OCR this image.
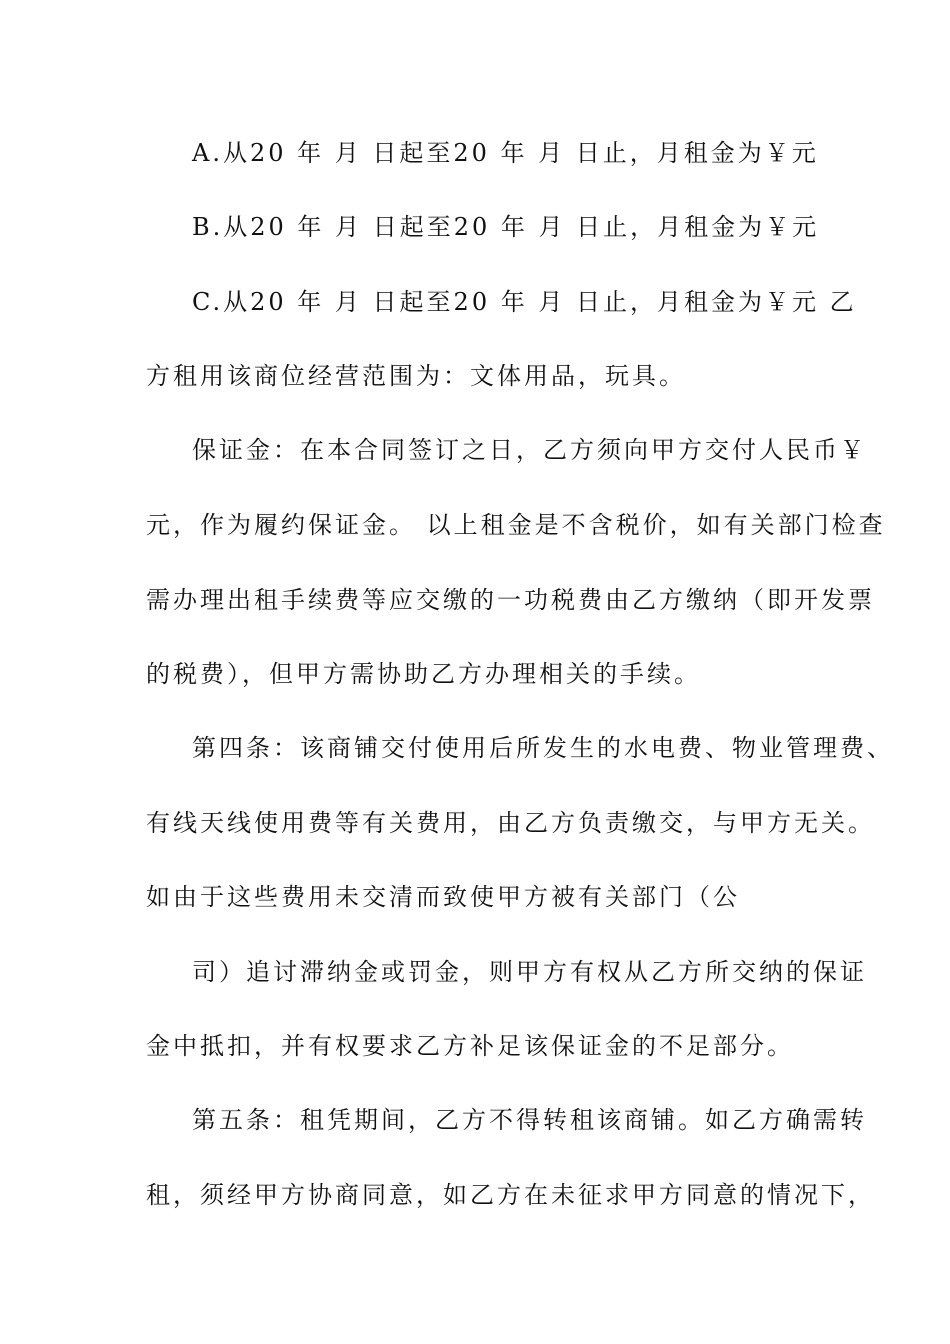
A.从20 年 月 日起至20 年 月 日止，月租金为￥元
B.从20 年 月 日起至20 年 月 日止，月租金为￥元
C.从20 年 月 日起至20 年 月 日止，月租金为￥元 乙
方租用该商位经营范围为：文体用品，玩具。
保证金：在本合同签订之日，乙方须向甲方交付人民币￥
元，作为履约保证金。 以上租金是不含税价，如有关部门检查
需办理出租手续费等应交缴的一功税费由乙方缴纳（即开发票
的税费），但甲方需协助乙方办理相关的手续。
第四条：该商铺交付使用后所发生的水电费、物业管理费、
有线天线使用费等有关费用，由乙方负责缴交，与甲方无关。
如由于这些费用未交清而致使甲方被有关部门（公
司）追讨滞纳金或罚金，则甲方有权从乙方所交纳的保证
金中抵扣，并有权要求乙方补足该保证金的不足部分。
第五条：租凭期间，乙方不得转租该商铺。如乙方确需转
租，须经甲方协商同意，如乙方在未征求甲方同意的情况下，
